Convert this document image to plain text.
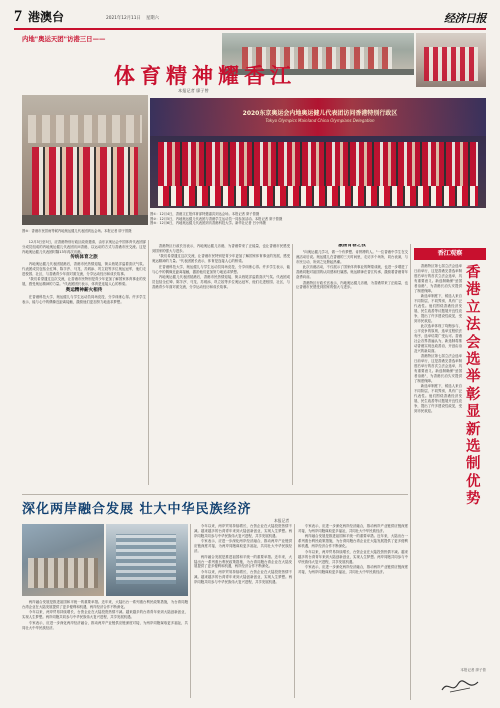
7 港澳台	2021年12月11日 星期六	经济日报
内地"奥运天团"访港三日——
体育精神耀香江
本报记者 廖子曾
2020东京奥运会内地奥运健儿代表团访问香港特别行政区
Tokyo Olympics Mainland China Olympians Delegation
图①：12月4日，香港文汇报体育部特邀嘉宾到达会场。本报记者 廖子曾摄
图②：12月5日，内地奥运健儿代表团与香港学生运动员一同参加活动。本报记者 廖子曾摄
图③：12月6日，内地奥运健儿代表团到访香港科技大学。新华社记者 吕小炜摄
图③：香港市民冒雨等候内地奥运健儿代表团到达会场。本报记者 廖子曾摄

12月3日至5日，应香港特别行政区政府邀请，由东京奥运会中国体育代表团部分成员组成的内地奥运健儿代表团访问香港，以运动的方式与香港市民交流。这是内地奥运健儿代表团时隔13年再次访港。

传统体育之旅

内地奥运健儿代表团抵港后，香港市民热情迎接，街头巷尾洋溢着喜庆气氛。代表团成员包括全红婵、陈芋汐、马龙、苏炳添、巩立姣等多位奥运冠军，他们走进校园、社区，与香港青少年面对面交流，分享运动经历和成长故事。

"我们希望通过这次交流，让香港市民特别是青少年更加了解国家体育事业的发展，感受奥运精神的力量。"代表团团长表示，体育是连接人心的桥梁。

奥运精神薪火相传

在香港科技大学，奥运健儿与学生运动员同场竞技，分享训练心得。许多学生表示，能与心中的偶像近距离接触，激励他们更加努力地追求梦想。

香港特区行政长官表示，内地奥运健儿访港，为香港带来了正能量，也让香港市民感受到国家的强大与进步。

"我们希望通过这次交流，让香港市民特别是青少年更加了解国家体育事业的发展，感受奥运精神的力量。"代表团团长表示，体育是连接人心的桥梁。

在香港科技大学，奥运健儿与学生运动员同场竞技，分享训练心得。许多学生表示，能与心中的偶像近距离接触，激励他们更加努力地追求梦想。

内地奥运健儿代表团抵港后，香港市民热情迎接，街头巷尾洋溢着喜庆气氛。代表团成员包括全红婵、陈芋汐、马龙、苏炳添、巩立姣等多位奥运冠军，他们走进校园、社区，与香港青少年面对面交流，分享运动经历和成长故事。

激荡青春之我

"向奥运健儿学习，做一个有梦想、肯拼搏的人。"一位香港中学生在交流活动后说。奥运健儿在香港的三天时间里，走访多个场所，同台表演，与市民互动，所到之处掀起热潮。

此次访港活动，不仅展示了国家体育事业的辉煌成就，也进一步增进了香港同胞对祖国的认同感和归属感。奥运精神在香江传承，激励着香港青年奋勇向前。

香港特区行政长官表示，内地奥运健儿访港，为香港带来了正能量，也让香港市民感受到国家的强大与进步。

香江观察

香港特区第七届立法会选举日前举行，这是香港完善选举制度后举行的首次立法会选举，具有重要意义。新选制确保"爱国者治港"，为香港长治久安提供了制度保障。

新选举制度下，候选人来自不同阶层、不同界别，具有广泛代表性。他们围绕香港经济发展、民生改善等议题展开良性竞争，提出了许多建设性政见，受到市民欢迎。

此次选举体现了均衡参与、公平竞争的原则，选举过程依法有序，选举结果广受认可。香港社会各界普遍认为，新选制将推动香港实现良政善治，开创由治及兴的新局面。

香港特区第七届立法会选举日前举行，这是香港完善选举制度后举行的首次立法会选举，具有重要意义。新选制确保"爱国者治港"，为香港长治久安提供了制度保障。

新选举制度下，候选人来自不同阶层、不同界别，具有广泛代表性。他们围绕香港经济发展、民生改善等议题展开良性竞争，提出了许多建设性政见，受到市民欢迎。

香港立法会选举彰显新选制优势
本报记者 廖子曾
深化两岸融合发展 壮大中华民族经济
本报记者

两岸融合发展是推进祖国和平统一的重要举措。近年来，大陆出台一系列惠台利民政策措施，为台湾同胞台湾企业在大陆发展提供了更多便利和机遇，两岸经济合作不断深化。

今年以来，两岸贸易持续增长，台资企业在大陆投资热情不减。越来越多的台湾青年来到大陆创新创业，实现人生梦想。两岸同胞共同参与中华民族伟大复兴进程，共享发展机遇。

专家表示，应进一步深化两岸经济融合，推动两岸产业链供应链深度对接，为两岸同胞谋取更多福祉，共同壮大中华民族经济。

今年以来，两岸贸易持续增长，台资企业在大陆投资热情不减。越来越多的台湾青年来到大陆创新创业，实现人生梦想。两岸同胞共同参与中华民族伟大复兴进程，共享发展机遇。

专家表示，应进一步深化两岸经济融合，推动两岸产业链供应链深度对接，为两岸同胞谋取更多福祉，共同壮大中华民族经济。

两岸融合发展是推进祖国和平统一的重要举措。近年来，大陆出台一系列惠台利民政策措施，为台湾同胞台湾企业在大陆发展提供了更多便利和机遇，两岸经济合作不断深化。

今年以来，两岸贸易持续增长，台资企业在大陆投资热情不减。越来越多的台湾青年来到大陆创新创业，实现人生梦想。两岸同胞共同参与中华民族伟大复兴进程，共享发展机遇。

专家表示，应进一步深化两岸经济融合，推动两岸产业链供应链深度对接，为两岸同胞谋取更多福祉，共同壮大中华民族经济。

两岸融合发展是推进祖国和平统一的重要举措。近年来，大陆出台一系列惠台利民政策措施，为台湾同胞台湾企业在大陆发展提供了更多便利和机遇，两岸经济合作不断深化。

今年以来，两岸贸易持续增长，台资企业在大陆投资热情不减。越来越多的台湾青年来到大陆创新创业，实现人生梦想。两岸同胞共同参与中华民族伟大复兴进程，共享发展机遇。

专家表示，应进一步深化两岸经济融合，推动两岸产业链供应链深度对接，为两岸同胞谋取更多福祉，共同壮大中华民族经济。
